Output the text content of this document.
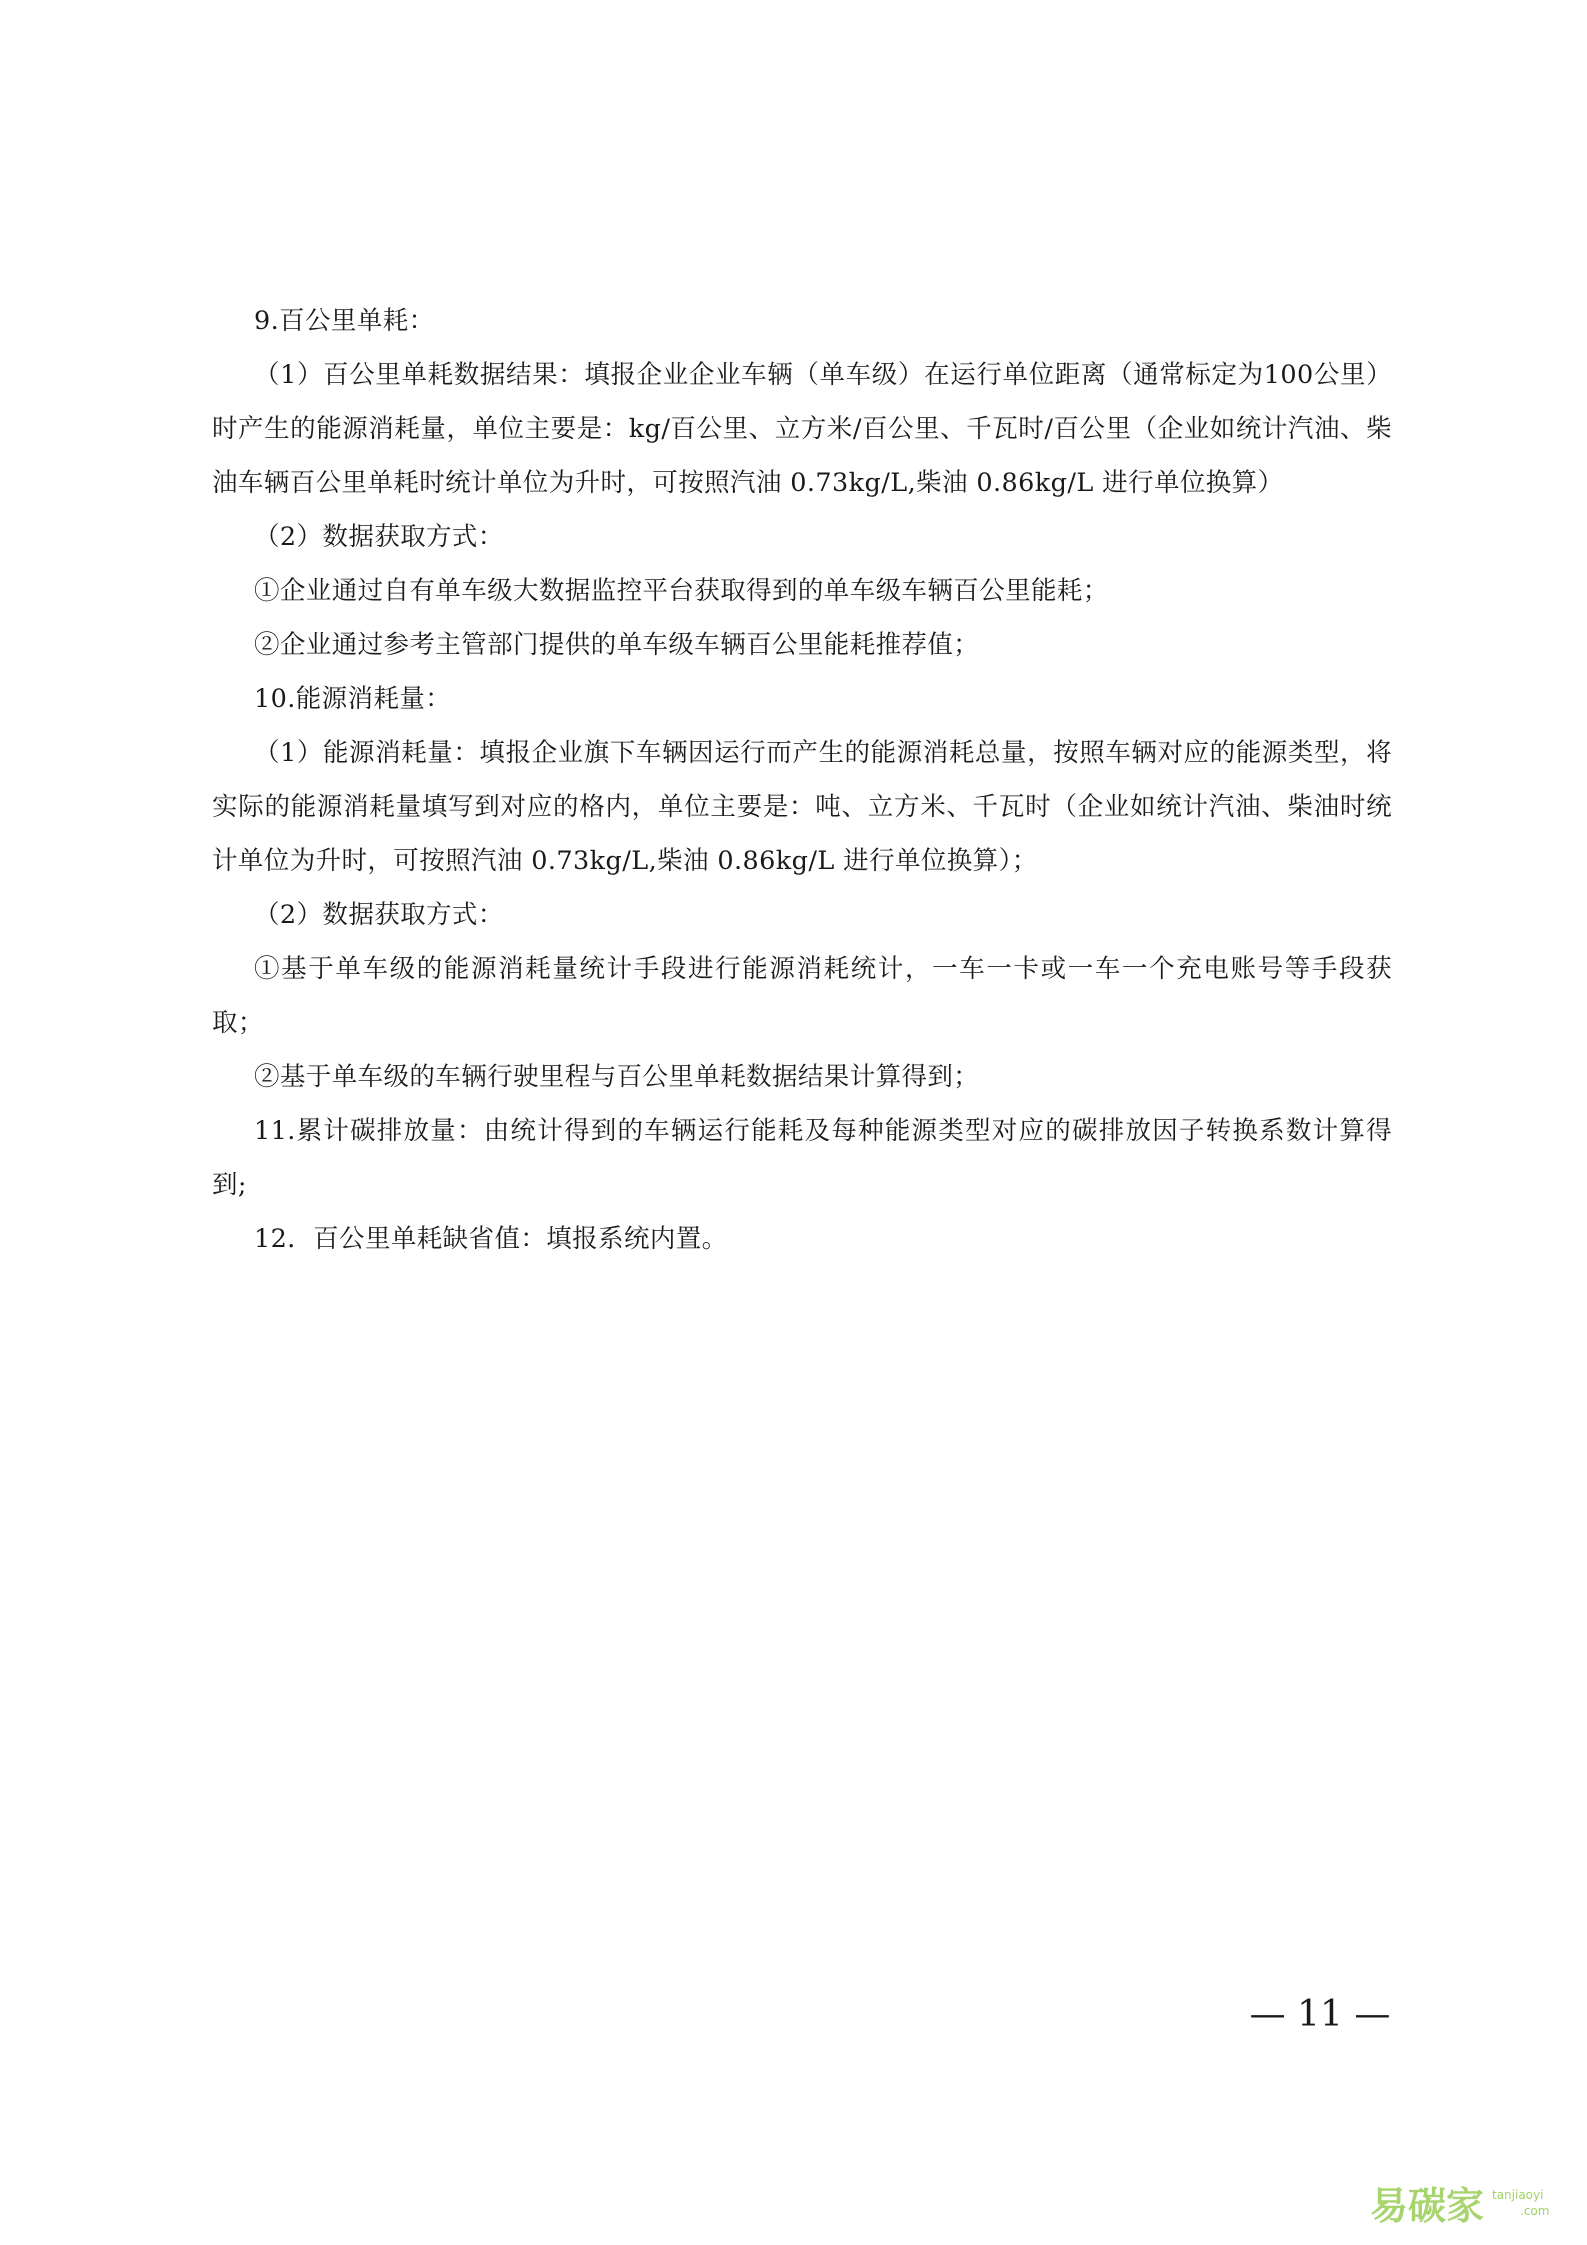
9.百公里单耗：

（1）百公里单耗数据结果：填报企业企业车辆（单车级）在运行单位距离（通常标定为100公里）时产生的能源消耗量，单位主要是：kg/百公里、立方米/百公里、千瓦时/百公里（企业如统计汽油、柴油车辆百公里单耗时统计单位为升时，可按照汽油 0.73kg/L,柴油 0.86kg/L 进行单位换算）

（2）数据获取方式：

①企业通过自有单车级大数据监控平台获取得到的单车级车辆百公里能耗；

②企业通过参考主管部门提供的单车级车辆百公里能耗推荐值；

10.能源消耗量：

（1）能源消耗量：填报企业旗下车辆因运行而产生的能源消耗总量，按照车辆对应的能源类型，将实际的能源消耗量填写到对应的格内，单位主要是：吨、立方米、千瓦时（企业如统计汽油、柴油时统计单位为升时，可按照汽油 0.73kg/L,柴油 0.86kg/L 进行单位换算）；

（2）数据获取方式：

①基于单车级的能源消耗量统计手段进行能源消耗统计，一车一卡或一车一个充电账号等手段获取；

②基于单车级的车辆行驶里程与百公里单耗数据结果计算得到；

11.累计碳排放量：由统计得到的车辆运行能耗及每种能源类型对应的碳排放因子转换系数计算得到;

12．百公里单耗缺省值：填报系统内置。

— 11 —
易碳家 tanjiaoyi
.com
